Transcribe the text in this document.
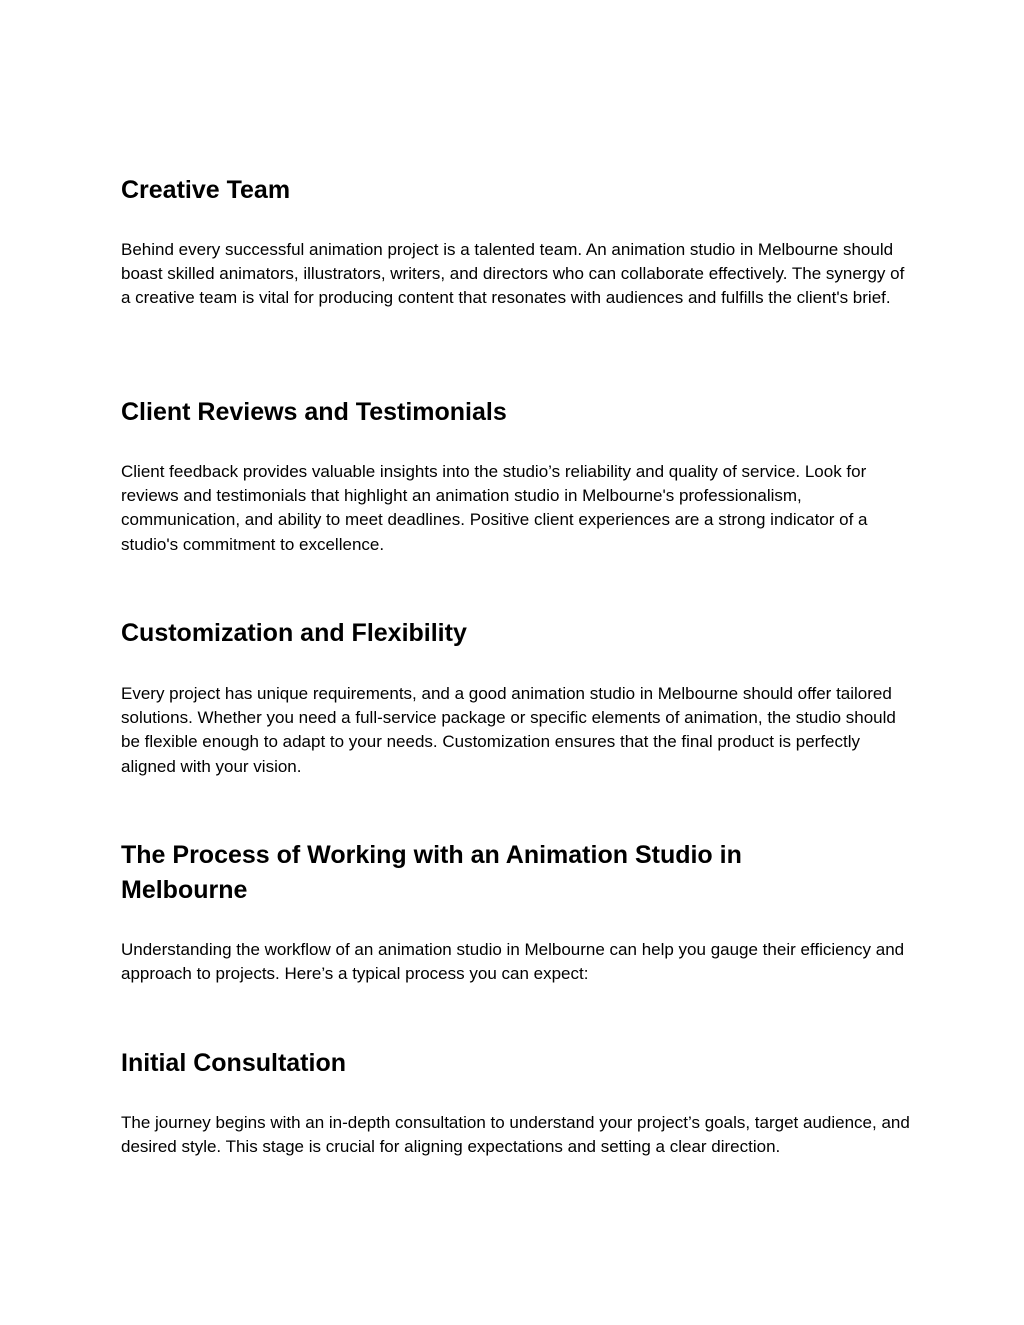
Creative Team

Behind every successful animation project is a talented team. An animation studio in Melbourne should boast skilled animators, illustrators, writers, and directors who can collaborate effectively. The synergy of a creative team is vital for producing content that resonates with audiences and fulfills the client's brief.

Client Reviews and Testimonials

Client feedback provides valuable insights into the studio’s reliability and quality of service. Look for reviews and testimonials that highlight an animation studio in Melbourne's professionalism, communication, and ability to meet deadlines. Positive client experiences are a strong indicator of a studio's commitment to excellence.

Customization and Flexibility

Every project has unique requirements, and a good animation studio in Melbourne should offer tailored solutions. Whether you need a full-service package or specific elements of animation, the studio should be flexible enough to adapt to your needs. Customization ensures that the final product is perfectly aligned with your vision.

The Process of Working with an Animation Studio in Melbourne

Understanding the workflow of an animation studio in Melbourne can help you gauge their efficiency and approach to projects. Here’s a typical process you can expect:

Initial Consultation

The journey begins with an in-depth consultation to understand your project’s goals, target audience, and desired style. This stage is crucial for aligning expectations and setting a clear direction.
